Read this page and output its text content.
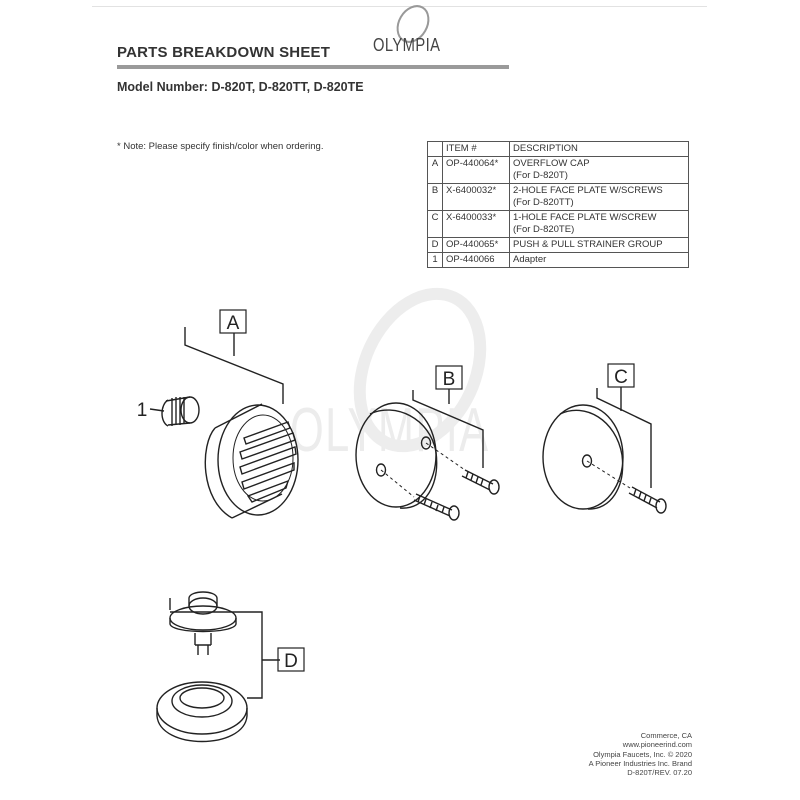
PARTS BREAKDOWN SHEET OLYMPIA
Model Number: D-820T, D-820TT, D-820TE
* Note: Please specify finish/color when ordering.
		ITEM #	DESCRIPTION
A	OP-440064*	OVERFLOW CAP
(For D-820T)
B	X-6400032*	2-HOLE FACE PLATE W/SCREWS
(For D-820TT)
C	X-6400033*	1-HOLE FACE PLATE W/SCREW
(For D-820TE)
D	OP-440065*	PUSH & PULL STRAINER GROUP
1	OP-440066	Adapter
OLYMPIA
A
B	C
D
1
Commerce, CA
www.pioneerind.com
Olympia Faucets, Inc. © 2020
A Pioneer Industries Inc. Brand
D-820T/REV. 07.20
